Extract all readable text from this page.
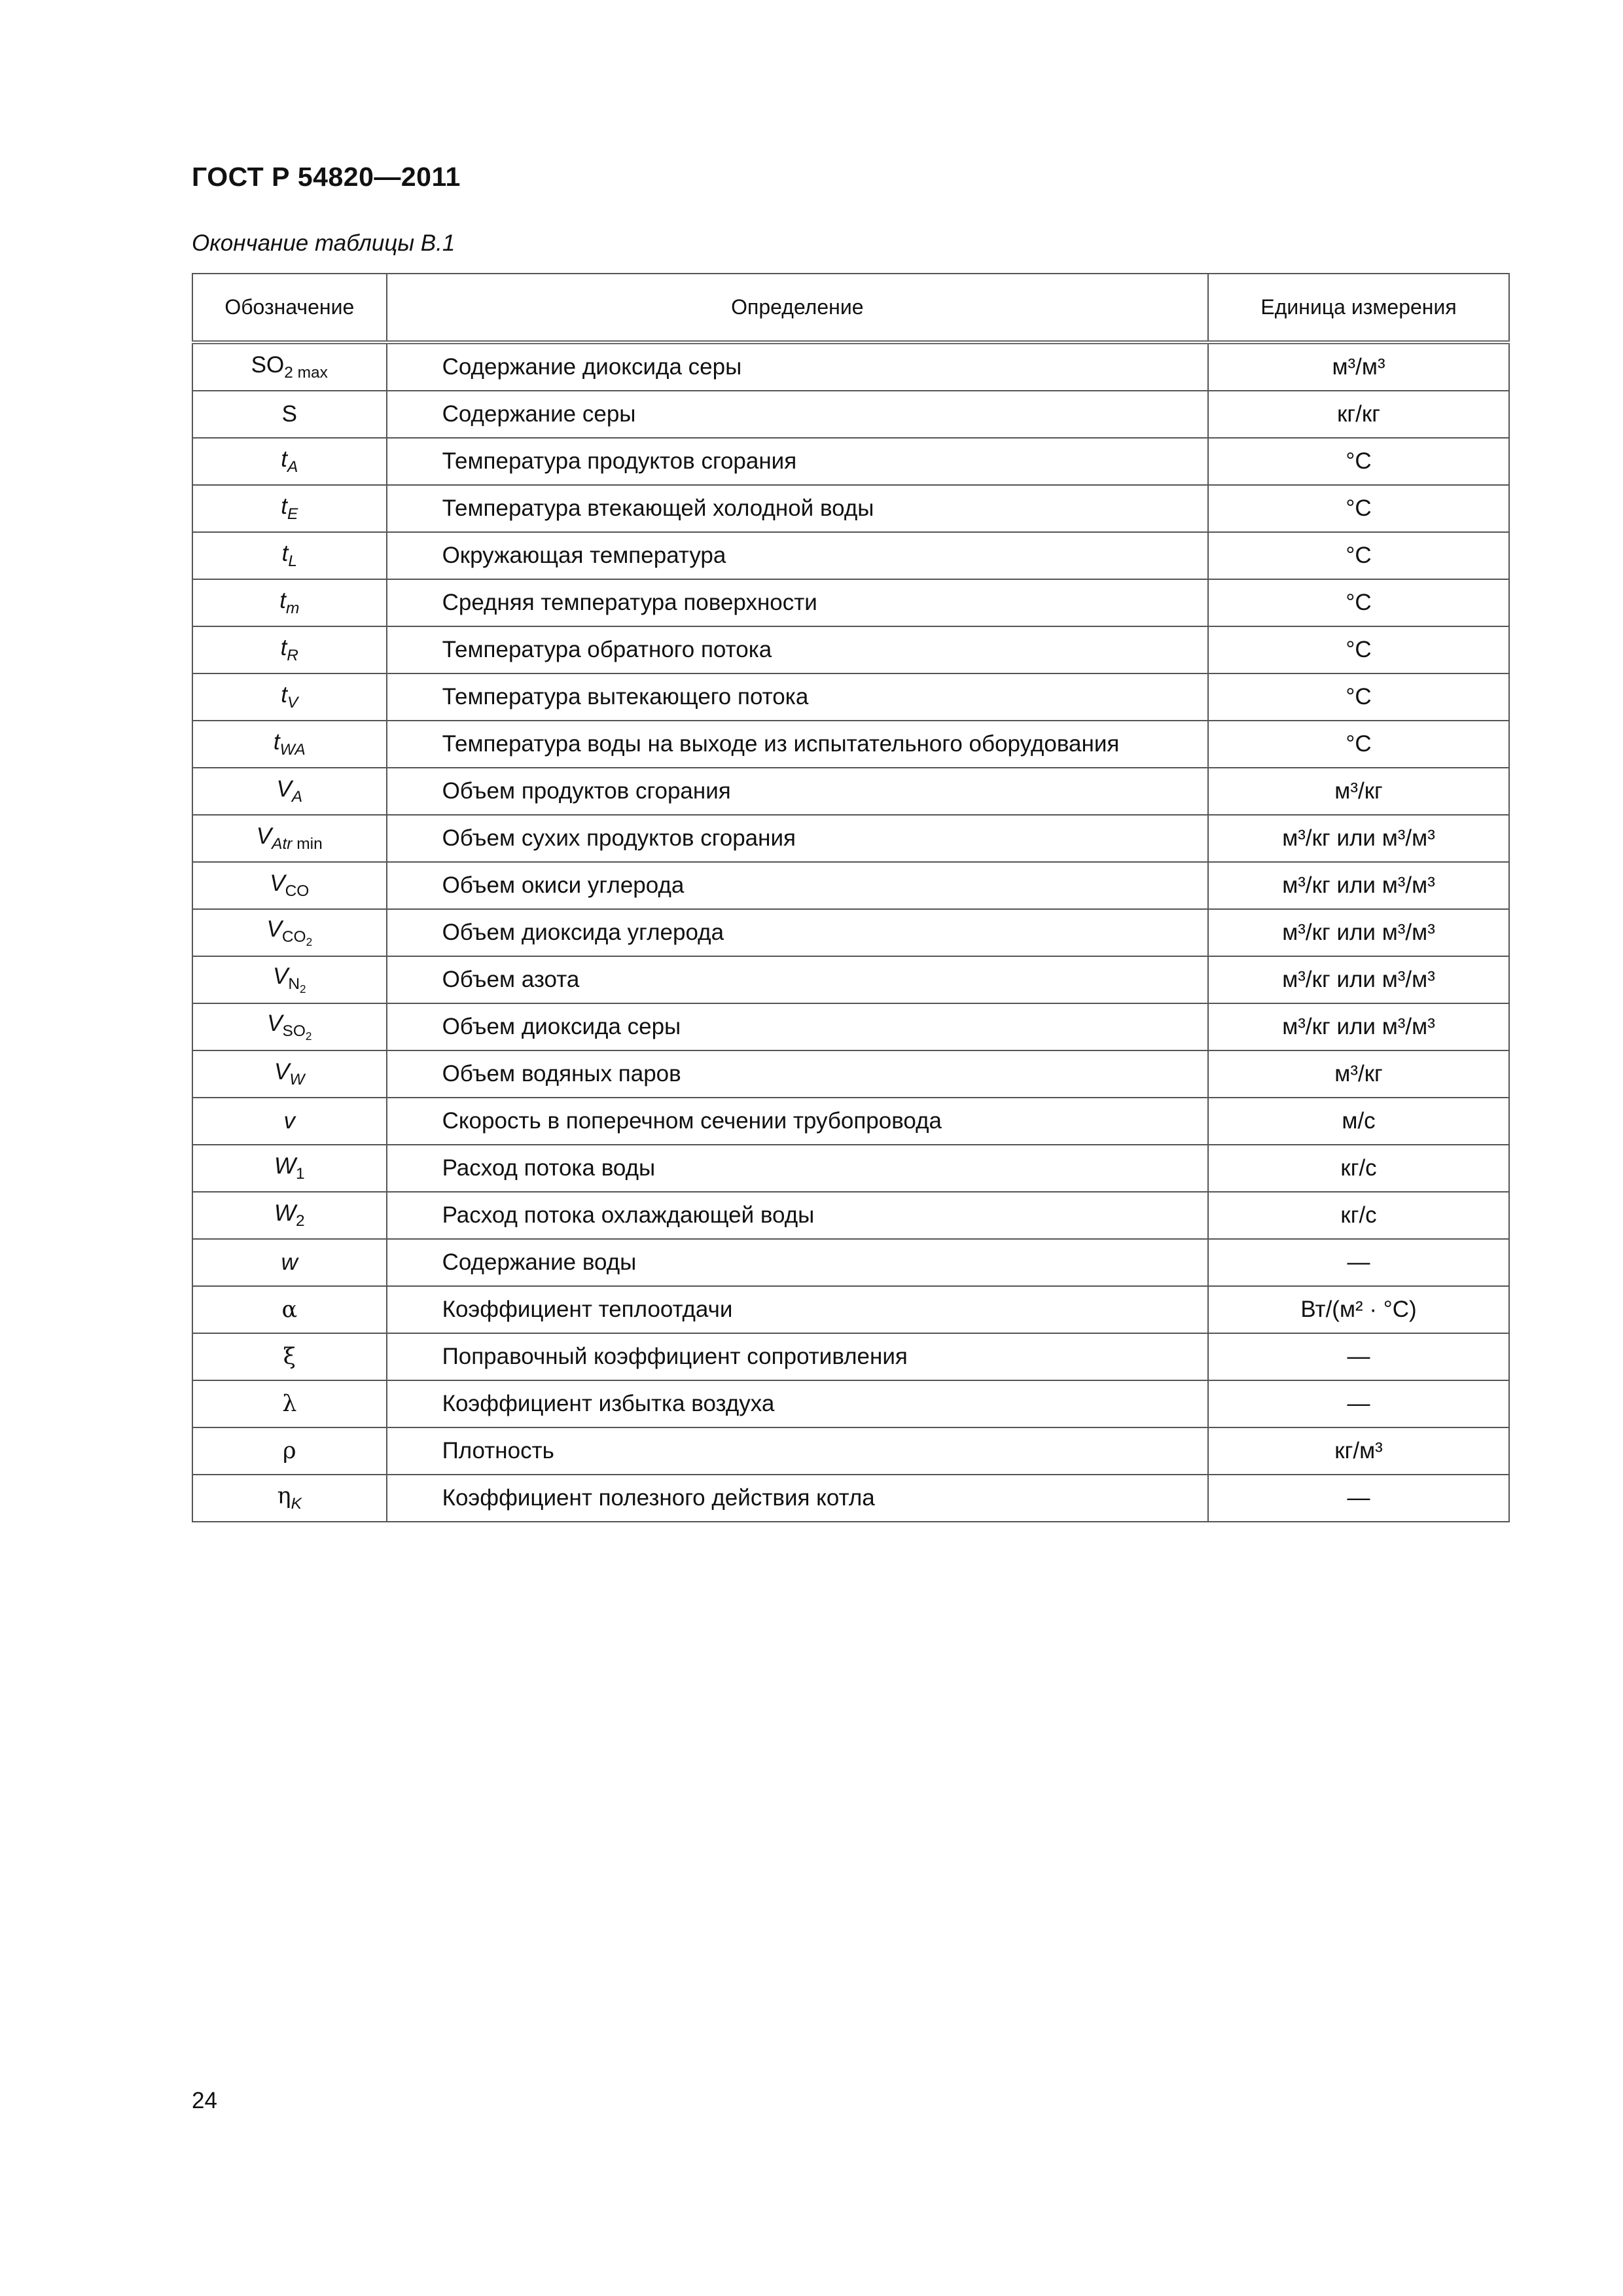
ГОСТ Р 54820—2011
Окончание таблицы В.1
Обозначение	Определение	Единица измерения
$SO_{2 max}$	Содержание диоксида серы	м³/м³
S	Содержание серы	кг/кг
$t_A$	Температура продуктов сгорания	°C
$t_E$	Температура втекающей холодной воды	°C
$t_L$	Окружающая температура	°C
$t_m$	Средняя температура поверхности	°C
$t_R$	Температура обратного потока	°C
$t_V$	Температура вытекающего потока	°C
$t_{WA}$	Температура воды на выходе из испытательного оборудования	°C
$V_A$	Объем продуктов сгорания	м³/кг
$V_{Atr min}$	Объем сухих продуктов сгорания	м³/кг или м³/м³
$V_{CO}$	Объем окиси углерода	м³/кг или м³/м³
$V_{CO_2}$	Объем диоксида углерода	м³/кг или м³/м³
$V_{N_2}$	Объем азота	м³/кг или м³/м³
$V_{SO_2}$	Объем диоксида серы	м³/кг или м³/м³
$V_W$	Объем водяных паров	м³/кг
v	Скорость в поперечном сечении трубопровода	м/с
$W_1$	Расход потока воды	кг/с
$W_2$	Расход потока охлаждающей воды	кг/с
w	Содержание воды	—
α	Коэффициент теплоотдачи	Вт/(м² · °C)
ξ	Поправочный коэффициент сопротивления	—
λ	Коэффициент избытка воздуха	—
ρ	Плотность	кг/м³
$\eta_K$	Коэффициент полезного действия котла	—
24
